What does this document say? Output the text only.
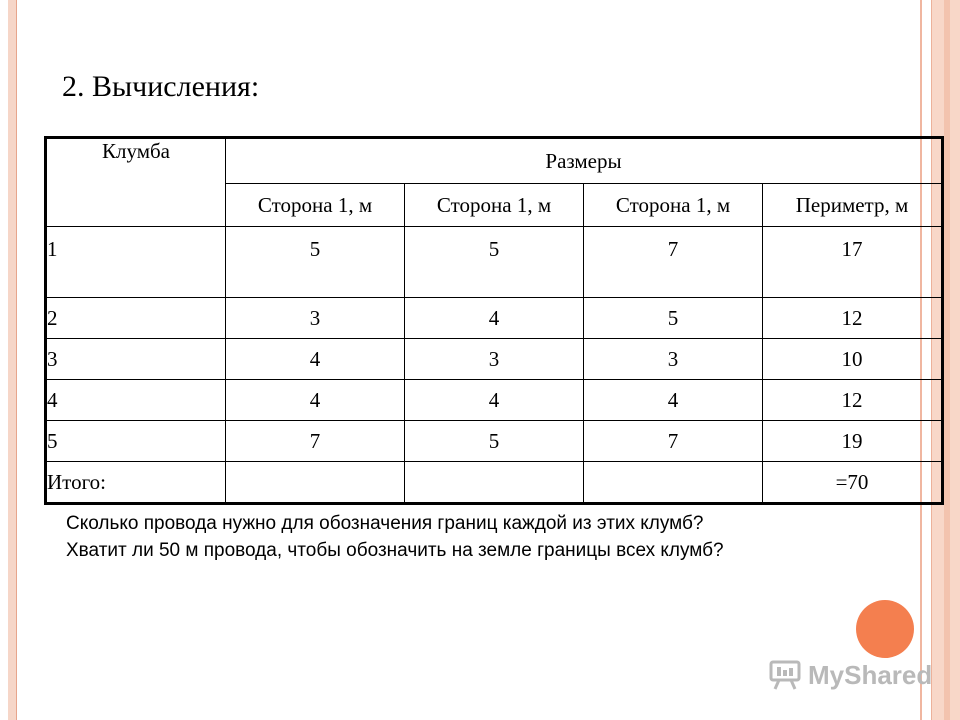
2. Вычисления:
Клумба	Размеры			
	Сторона 1, м	Сторона 1, м	Сторона 1, м	Периметр, м
1	5	5	7	17
2	3	4	5	12
3	4	3	3	10
4	4	4	4	12
5	7	5	7	19
Итого:				=70
Сколько провода нужно для обозначения границ каждой из этих клумб?
Хватит ли 50 м провода, чтобы обозначить на земле границы всех клумб?
MyShared
